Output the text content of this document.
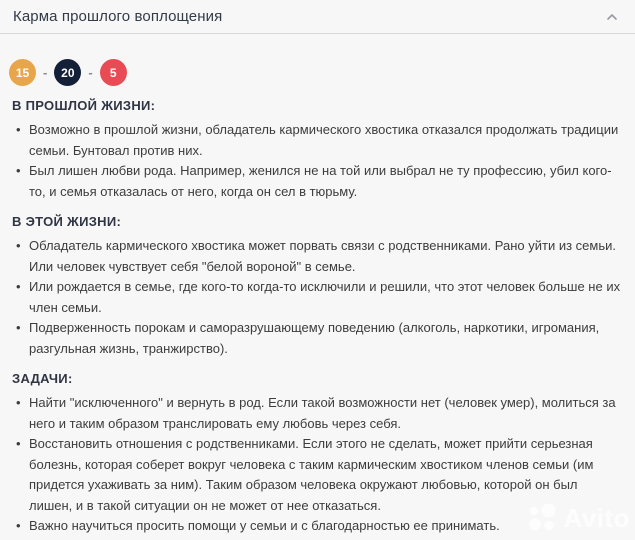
Карма прошлого воплощения
15	-	20	-	5
В ПРОШЛОЙ ЖИЗНИ:
• Возможно в прошлой жизни, обладатель кармического хвостика отказался продолжать традиции семьи. Бунтовал против них.
• Был лишен любви рода. Например, женился не на той или выбрал не ту профессию, убил кого-то, и семья отказалась от него, когда он сел в тюрьму.
В ЭТОЙ ЖИЗНИ:
• Обладатель кармического хвостика может порвать связи с родственниками. Рано уйти из семьи. Или человек чувствует себя "белой вороной" в семье.
• Или рождается в семье, где кого-то когда-то исключили и решили, что этот человек больше не их член семьи.
• Подверженность порокам и саморазрушающему поведению (алкоголь, наркотики, игромания, разгульная жизнь, транжирство).
ЗАДАЧИ:
• Найти "исключенного" и вернуть в род. Если такой возможности нет (человек умер), молиться за него и таким образом транслировать ему любовь через себя.
• Восстановить отношения с родственниками. Если этого не сделать, может прийти серьезная болезнь, которая соберет вокруг человека с таким кармическим хвостиком членов семьи (им придется ухаживать за ним). Таким образом человека окружают любовью, которой он был лишен, и в такой ситуации он не может от нее отказаться.
• Важно научиться просить помощи у семьи и с благодарностью ее принимать.	Avito
